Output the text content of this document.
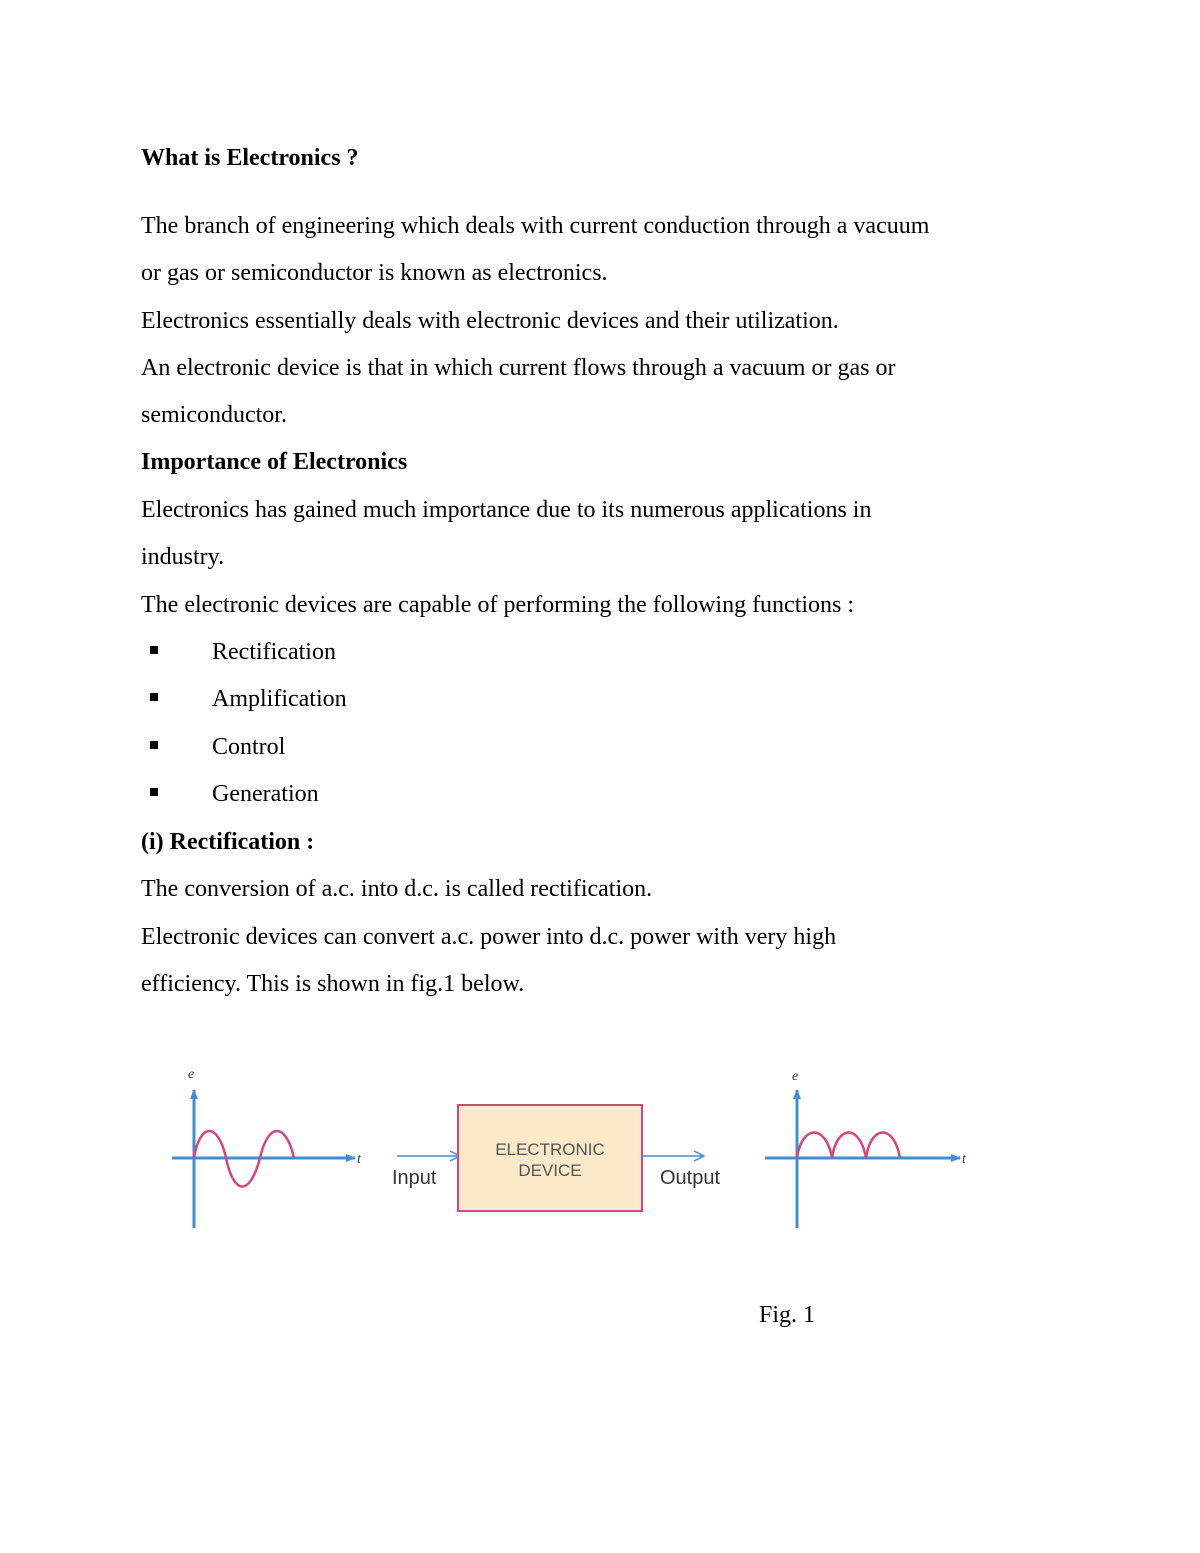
What is Electronics ?
The branch of engineering which deals with current conduction through a vacuum
or gas or semiconductor is known as electronics.
Electronics essentially deals with electronic devices and their utilization.
An electronic device is that in which current flows through a vacuum or gas or
semiconductor.
Importance of Electronics
Electronics has gained much importance due to its numerous applications in
industry.
The electronic devices are capable of performing the following functions :
Rectification
Amplification
Control
Generation
(i) Rectification :
The conversion of a.c. into d.c. is called rectification.
Electronic devices can convert a.c. power into d.c. power with very high
efficiency. This is shown in fig.1 below.
e
t
Input
ELECTRONIC
DEVICE	Output
e
t
Fig. 1
